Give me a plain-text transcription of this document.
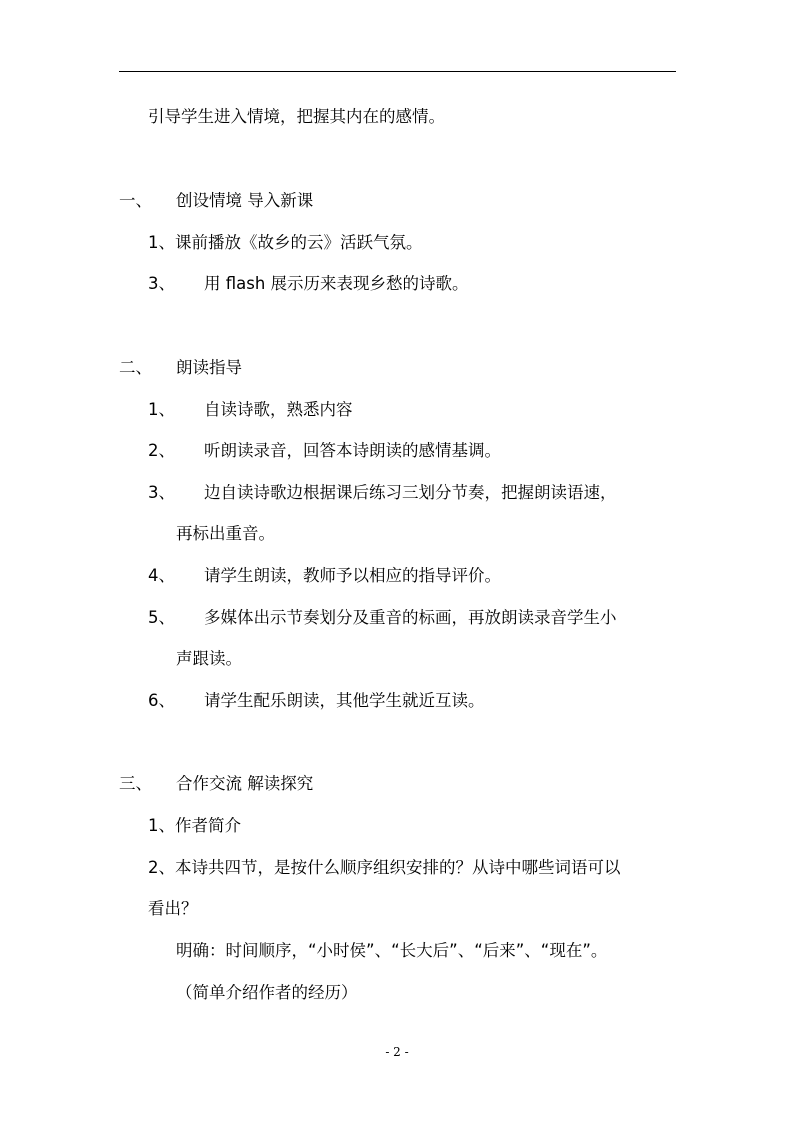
引导学生进入情境，把握其内在的感情。
一、 创设情境 导入新课
1、课前播放《故乡的云》活跃气氛。
3、 用 flash 展示历来表现乡愁的诗歌。
二、 朗读指导
1、 自读诗歌，熟悉内容
2、 听朗读录音，回答本诗朗读的感情基调。
3、 边自读诗歌边根据课后练习三划分节奏，把握朗读语速，
再标出重音。
4、 请学生朗读，教师予以相应的指导评价。
5、 多媒体出示节奏划分及重音的标画，再放朗读录音学生小
声跟读。
6、 请学生配乐朗读，其他学生就近互读。
三、 合作交流 解读探究
1、作者简介
2、本诗共四节，是按什么顺序组织安排的？从诗中哪些词语可以
看出？
明确：时间顺序，“小时侯”、“长大后”、“后来”、“现在”。
（简单介绍作者的经历）
- 2 -
